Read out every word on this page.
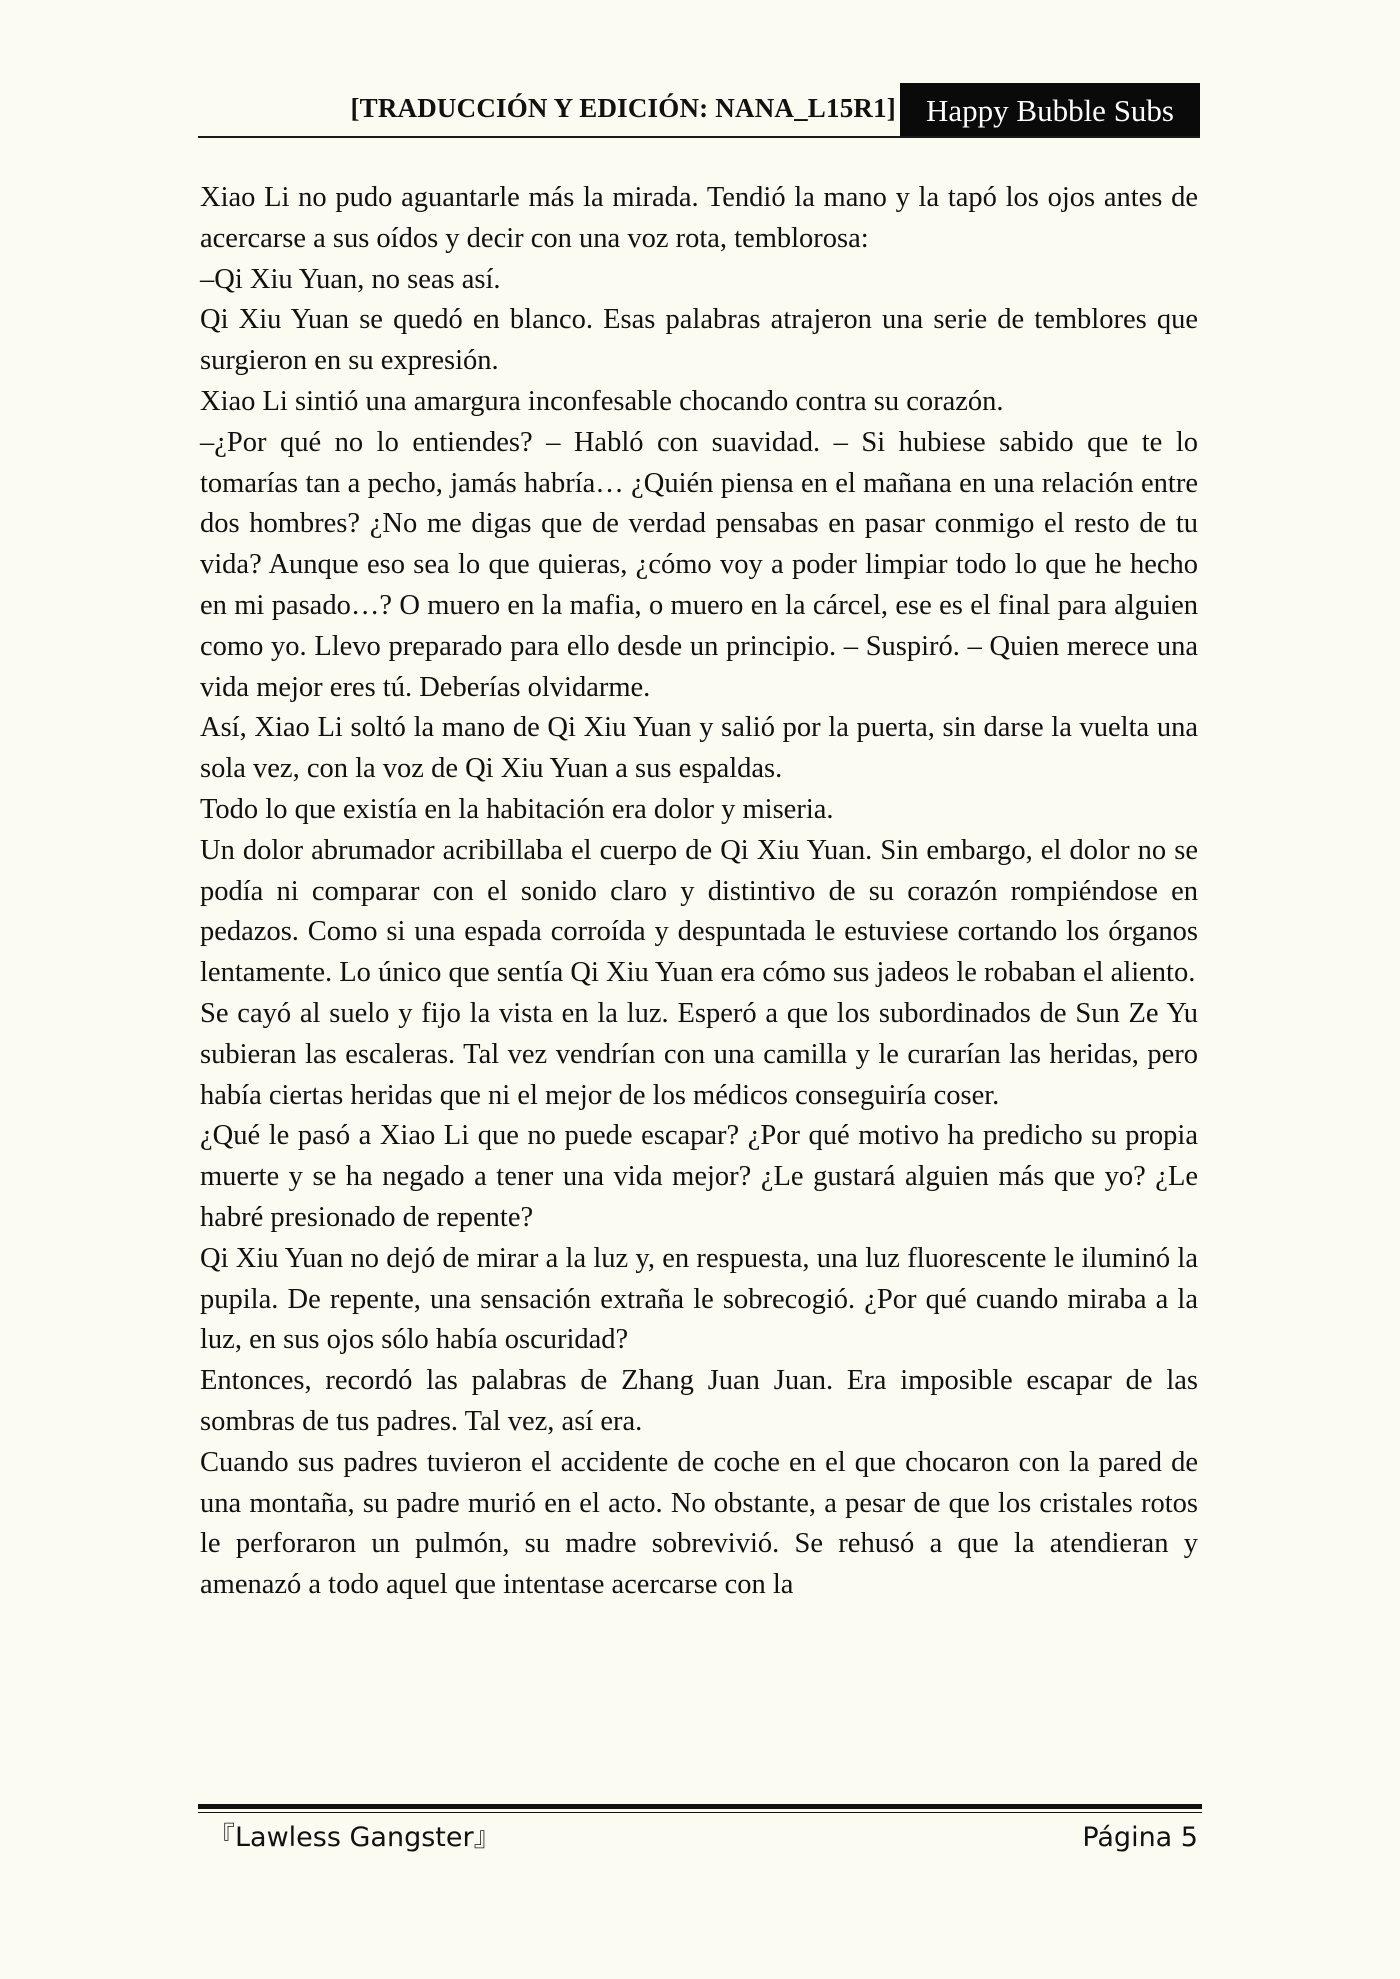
[TRADUCCIÓN Y EDICIÓN: NANA_L15R1] Happy Bubble Subs

Xiao Li no pudo aguantarle más la mirada. Tendió la mano y la tapó los ojos antes de acercarse a sus oídos y decir con una voz rota, temblorosa:

–Qi Xiu Yuan, no seas así.

Qi Xiu Yuan se quedó en blanco. Esas palabras atrajeron una serie de temblores que surgieron en su expresión.

Xiao Li sintió una amargura inconfesable chocando contra su corazón.

–¿Por qué no lo entiendes? – Habló con suavidad. – Si hubiese sabido que te lo tomarías tan a pecho, jamás habría… ¿Quién piensa en el mañana en una relación entre dos hombres? ¿No me digas que de verdad pensabas en pasar conmigo el resto de tu vida? Aunque eso sea lo que quieras, ¿cómo voy a poder limpiar todo lo que he hecho en mi pasado…? O muero en la mafia, o muero en la cárcel, ese es el final para alguien como yo. Llevo preparado para ello desde un principio. – Suspiró. – Quien merece una vida mejor eres tú. Deberías olvidarme.

Así, Xiao Li soltó la mano de Qi Xiu Yuan y salió por la puerta, sin darse la vuelta una sola vez, con la voz de Qi Xiu Yuan a sus espaldas.

Todo lo que existía en la habitación era dolor y miseria.

Un dolor abrumador acribillaba el cuerpo de Qi Xiu Yuan. Sin embargo, el dolor no se podía ni comparar con el sonido claro y distintivo de su corazón rompiéndose en pedazos. Como si una espada corroída y despuntada le estuviese cortando los órganos lentamente. Lo único que sentía Qi Xiu Yuan era cómo sus jadeos le robaban el aliento.

Se cayó al suelo y fijo la vista en la luz. Esperó a que los subordinados de Sun Ze Yu subieran las escaleras. Tal vez vendrían con una camilla y le curarían las heridas, pero había ciertas heridas que ni el mejor de los médicos conseguiría coser.

¿Qué le pasó a Xiao Li que no puede escapar? ¿Por qué motivo ha predicho su propia muerte y se ha negado a tener una vida mejor? ¿Le gustará alguien más que yo? ¿Le habré presionado de repente?

Qi Xiu Yuan no dejó de mirar a la luz y, en respuesta, una luz fluorescente le iluminó la pupila. De repente, una sensación extraña le sobrecogió. ¿Por qué cuando miraba a la luz, en sus ojos sólo había oscuridad?

Entonces, recordó las palabras de Zhang Juan Juan. Era imposible escapar de las sombras de tus padres. Tal vez, así era.

Cuando sus padres tuvieron el accidente de coche en el que chocaron con la pared de una montaña, su padre murió en el acto. No obstante, a pesar de que los cristales rotos le perforaron un pulmón, su madre sobrevivió. Se rehusó a que la atendieran y amenazó a todo aquel que intentase acercarse con la

『Lawless Gangster』	Página 5
